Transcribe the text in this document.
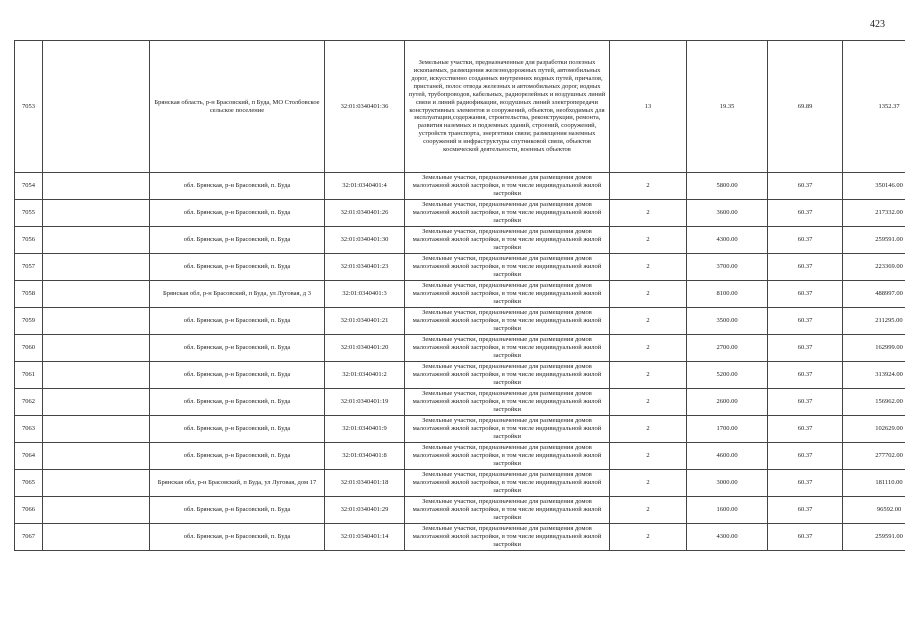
423
7053		Брянская область, р-н Брасовский, п Буда, МО Столбовское сельское поселение	32:01:0340401:36	Земельные участки, предназначенные для разработки полезных ископаемых, размещения железнодорожных путей, автомобильных дорог, искусственно созданных внутренних водных путей, причалов, пристаней, полос отвода железных и автомобильных дорог, водных путей, трубопроводов, кабельных, радиорелейных и воздушных линий связи и линий радиофикации, воздушных линий электропередачи конструктивных элементов и сооружений, объектов, необходимых для эксплуатации,содержания, строительства, реконструкции, ремонта, развития наземных и подземных зданий, строений, сооружений, устройств транспорта, энергетики связи; размещения наземных сооружений и инфраструктуры спутниковой связи, объектов космической деятельности, военных объектов	13	19.35	69.89	1352.37
7054		обл. Брянская, р-н Брасовский, п. Буда	32:01:0340401:4	Земельные участки, предназначенные для размещения домов малоэтажной жилой застройки, в том числе индивидуальной жилой застройки	2	5800.00	60.37	350146.00
7055		обл. Брянская, р-н Брасовский, п. Буда	32:01:0340401:26	Земельные участки, предназначенные для размещения домов малоэтажной жилой застройки, в том числе индивидуальной жилой застройки	2	3600.00	60.37	217332.00
7056		обл. Брянская, р-н Брасовский, п. Буда	32:01:0340401:30	Земельные участки, предназначенные для размещения домов малоэтажной жилой застройки, в том числе индивидуальной жилой застройки	2	4300.00	60.37	259591.00
7057		обл. Брянская, р-н Брасовский, п. Буда	32:01:0340401:23	Земельные участки, предназначенные для размещения домов малоэтажной жилой застройки, в том числе индивидуальной жилой застройки	2	3700.00	60.37	223369.00
7058		Брянская обл, р-н Брасовский, п Буда, ул Луговая, д 3	32:01:0340401:3	Земельные участки, предназначенные для размещения домов малоэтажной жилой застройки, в том числе индивидуальной жилой застройки	2	8100.00	60.37	488997.00
7059		обл. Брянская, р-н Брасовский, п. Буда	32:01:0340401:21	Земельные участки, предназначенные для размещения домов малоэтажной жилой застройки, в том числе индивидуальной жилой застройки	2	3500.00	60.37	211295.00
7060		обл. Брянская, р-н Брасовский, п. Буда	32:01:0340401:20	Земельные участки, предназначенные для размещения домов малоэтажной жилой застройки, в том числе индивидуальной жилой застройки	2	2700.00	60.37	162999.00
7061		обл. Брянская, р-н Брасовский, п. Буда	32:01:0340401:2	Земельные участки, предназначенные для размещения домов малоэтажной жилой застройки, в том числе индивидуальной жилой застройки	2	5200.00	60.37	313924.00
7062		обл. Брянская, р-н Брасовский, п. Буда	32:01:0340401:19	Земельные участки, предназначенные для размещения домов малоэтажной жилой застройки, в том числе индивидуальной жилой застройки	2	2600.00	60.37	156962.00
7063		обл. Брянская, р-н Брасовский, п. Буда	32:01:0340401:9	Земельные участки, предназначенные для размещения домов малоэтажной жилой застройки, в том числе индивидуальной жилой застройки	2	1700.00	60.37	102629.00
7064		обл. Брянская, р-н Брасовский, п. Буда	32:01:0340401:8	Земельные участки, предназначенные для размещения домов малоэтажной жилой застройки, в том числе индивидуальной жилой застройки	2	4600.00	60.37	277702.00
7065		Брянская обл, р-н Брасовский, п Буда, ул Луговая, дом 17	32:01:0340401:18	Земельные участки, предназначенные для размещения домов малоэтажной жилой застройки, в том числе индивидуальной жилой застройки	2	3000.00	60.37	181110.00
7066		обл. Брянская, р-н Брасовский, п. Буда	32:01:0340401:29	Земельные участки, предназначенные для размещения домов малоэтажной жилой застройки, в том числе индивидуальной жилой застройки	2	1600.00	60.37	96592.00
7067		обл. Брянская, р-н Брасовский, п. Буда	32:01:0340401:14	Земельные участки, предназначенные для размещения домов малоэтажной жилой застройки, в том числе индивидуальной жилой застройки	2	4300.00	60.37	259591.00
